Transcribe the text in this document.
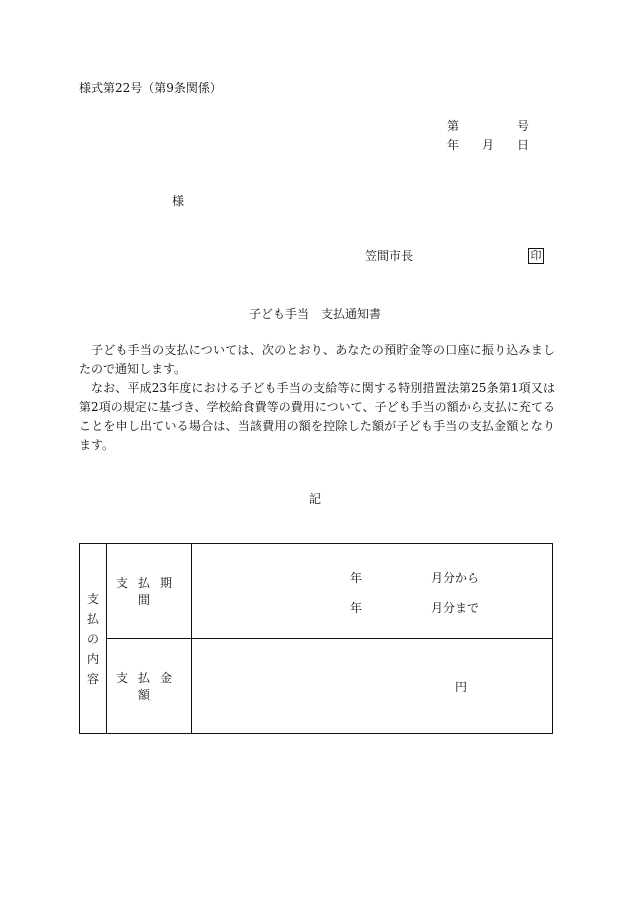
様式第22号（第9条関係）
第	号
年 月 日
様
笠間市長	印
子ども手当　支払通知書

子ども手当の支払については、次のとおり、あなたの預貯金等の口座に振り込みましたので通知します。

なお、平成23年度における子ども手当の支給等に関する特別措置法第25条第1項又は第2項の規定に基づき、学校給食費等の費用について、子ども手当の額から支払に充てることを申し出ている場合は、当該費用の額を控除した額が子ども手当の支払金額となります。

記
支
払
の
内
容	支払期間	年 月分から
年 月分まで

	支払金額	円
